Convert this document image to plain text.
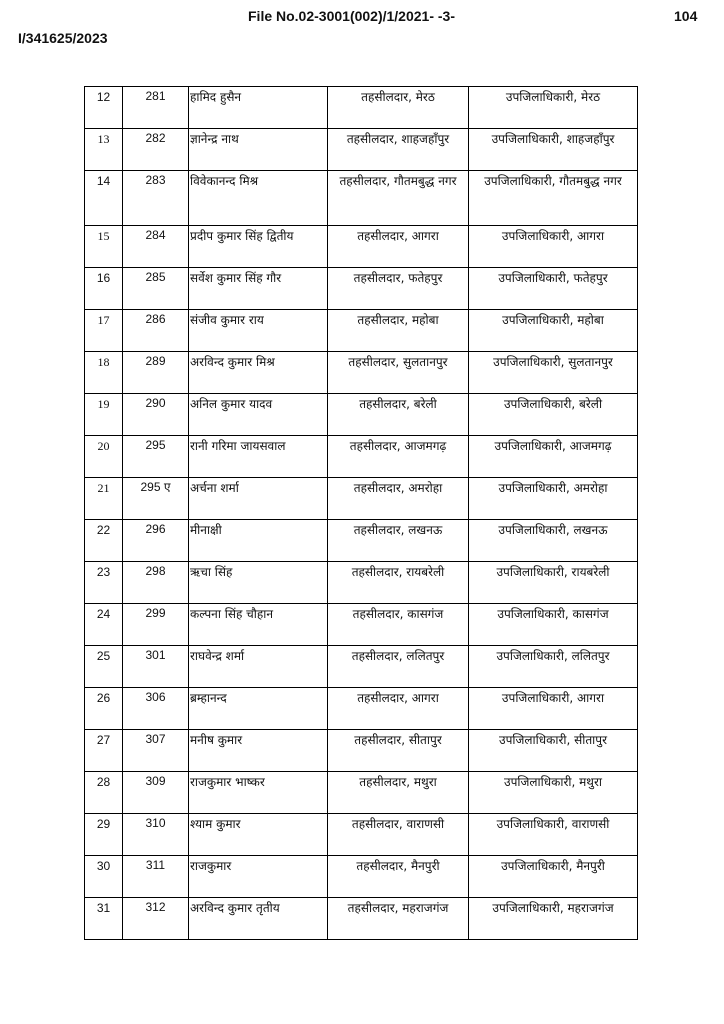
File No.02-3001(002)/1/2021- -3-	104
I/341625/2023
12	281	हामिद हुसैन	तहसीलदार, मेरठ	उपजिलाधिकारी, मेरठ
13	282	ज्ञानेन्द्र नाथ	तहसीलदार, शाहजहाँपुर	उपजिलाधिकारी, शाहजहाँपुर
14	283	विवेकानन्द मिश्र	तहसीलदार, गौतमबुद्ध नगर	उपजिलाधिकारी, गौतमबुद्ध नगर
15	284	प्रदीप कुमार सिंह द्वितीय	तहसीलदार, आगरा	उपजिलाधिकारी, आगरा
16	285	सर्वेश कुमार सिंह गौर	तहसीलदार, फतेहपुर	उपजिलाधिकारी, फतेहपुर
17	286	संजीव कुमार राय	तहसीलदार, महोबा	उपजिलाधिकारी, महोबा
18	289	अरविन्द कुमार मिश्र	तहसीलदार, सुलतानपुर	उपजिलाधिकारी, सुलतानपुर
19	290	अनिल कुमार यादव	तहसीलदार, बरेली	उपजिलाधिकारी, बरेली
20	295	रानी गरिमा जायसवाल	तहसीलदार, आजमगढ़	उपजिलाधिकारी, आजमगढ़
21	295 ए	अर्चना शर्मा	तहसीलदार, अमरोहा	उपजिलाधिकारी, अमरोहा
22	296	मीनाक्षी	तहसीलदार, लखनऊ	उपजिलाधिकारी, लखनऊ
23	298	ऋचा सिंह	तहसीलदार, रायबरेली	उपजिलाधिकारी, रायबरेली
24	299	कल्पना सिंह चौहान	तहसीलदार, कासगंज	उपजिलाधिकारी, कासगंज
25	301	राघवेन्द्र शर्मा	तहसीलदार, ललितपुर	उपजिलाधिकारी, ललितपुर
26	306	ब्रम्हानन्द	तहसीलदार, आगरा	उपजिलाधिकारी, आगरा
27	307	मनीष कुमार	तहसीलदार, सीतापुर	उपजिलाधिकारी, सीतापुर
28	309	राजकुमार भाष्कर	तहसीलदार, मथुरा	उपजिलाधिकारी, मथुरा
29	310	श्याम कुमार	तहसीलदार, वाराणसी	उपजिलाधिकारी, वाराणसी
30	311	राजकुमार	तहसीलदार, मैनपुरी	उपजिलाधिकारी, मैनपुरी
31	312	अरविन्द कुमार तृतीय	तहसीलदार, महराजगंज	उपजिलाधिकारी, महराजगंज
